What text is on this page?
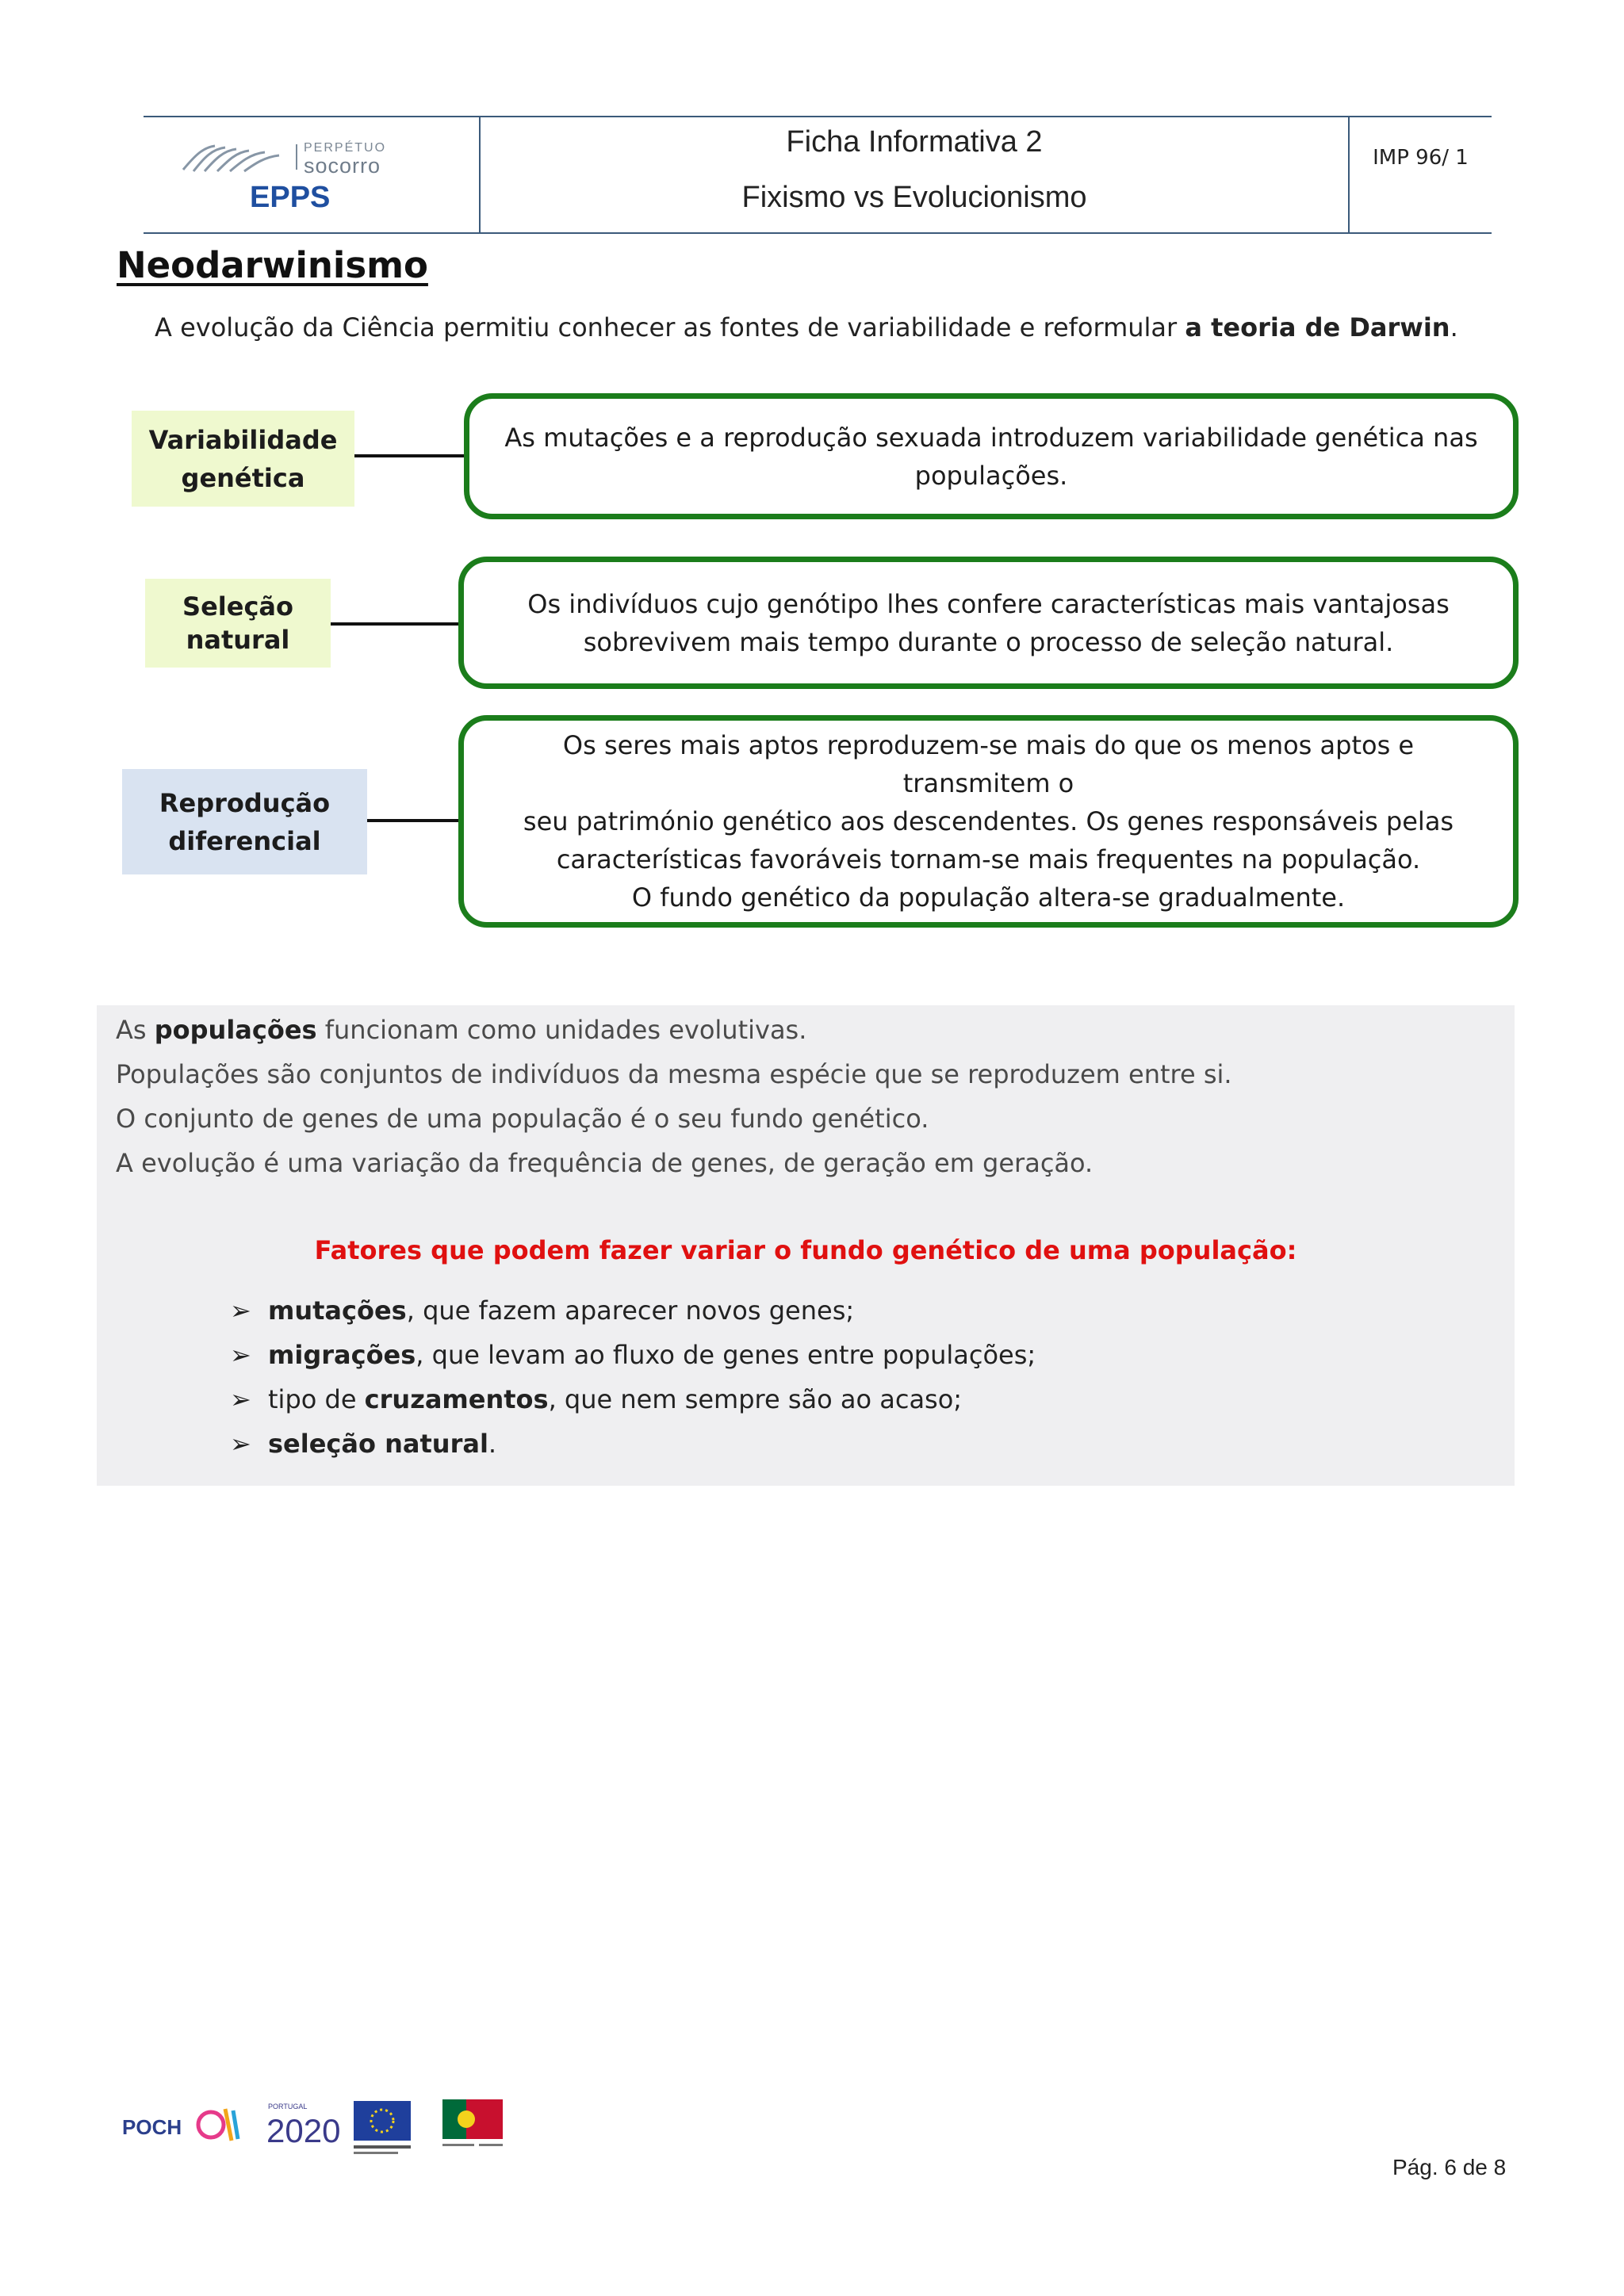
PERPÉTUO
socorro
EPPS
Ficha Informativa 2
Fixismo vs Evolucionismo
IMP 96/ 1
Neodarwinismo
A evolução da Ciência permitiu conhecer as fontes de variabilidade e reformular a teoria de Darwin.
Variabilidade
genética
As mutações e a reprodução sexuada introduzem variabilidade genética nas
populações.
Seleção
natural
Os indivíduos cujo genótipo lhes confere características mais vantajosas
sobrevivem mais tempo durante o processo de seleção natural.
Reprodução
diferencial
Os seres mais aptos reproduzem-se mais do que os menos aptos e transmitem o
seu património genético aos descendentes. Os genes responsáveis pelas
características favoráveis tornam-se mais frequentes na população.
O fundo genético da população altera-se gradualmente.
As populações funcionam como unidades evolutivas.
Populações são conjuntos de indivíduos da mesma espécie que se reproduzem entre si.
O conjunto de genes de uma população é o seu fundo genético.
A evolução é uma variação da frequência de genes, de geração em geração.
Fatores que podem fazer variar o fundo genético de uma população:
➢ mutações, que fazem aparecer novos genes;
➢ migrações, que levam ao fluxo de genes entre populações;
➢ tipo de cruzamentos, que nem sempre são ao acaso;
➢ seleção natural.
POCH
PORTUGAL
2020
Pág. 6 de 8
